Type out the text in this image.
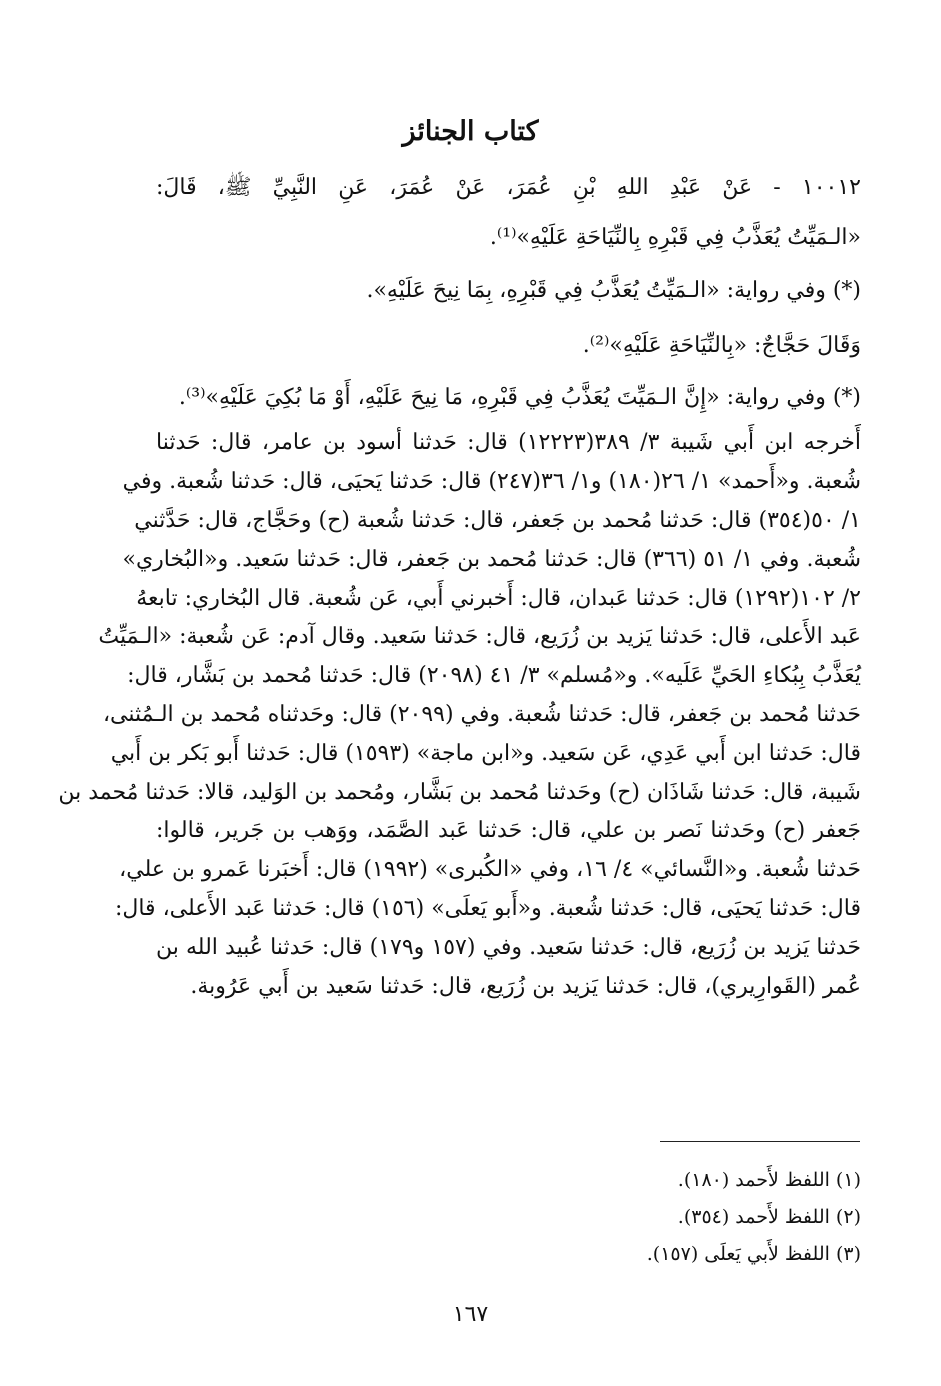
كتاب الجنائز
١٠٠١٢ - عَنْ عَبْدِ اللهِ بْنِ عُمَرَ، عَنْ عُمَرَ، عَنِ النَّبِيِّ ﷺ، قَالَ:
«الـمَيِّتُ يُعَذَّبُ فِي قَبْرِهِ بِالنِّيَاحَةِ عَلَيْهِ»⁽¹⁾.
(*) وفي رواية: «الـمَيِّتُ يُعَذَّبُ فِي قَبْرِهِ، بِمَا نِيحَ عَلَيْهِ».
وَقَالَ حَجَّاجٌ: «بِالنِّيَاحَةِ عَلَيْهِ»⁽²⁾.
(*) وفي رواية: «إِنَّ الـمَيِّتَ يُعَذَّبُ فِي قَبْرِهِ، مَا نِيحَ عَلَيْهِ، أَوْ مَا بُكِيَ عَلَيْهِ»⁽³⁾.
أَخرجه ابن أَبي شَيبة ٣/ ٣٨٩(١٢٢٢٣) قال: حَدثنا أسود بن عامر، قال: حَدثنا
شُعبة. و«أَحمد» ١/ ٢٦(١٨٠) و١/ ٣٦(٢٤٧) قال: حَدثنا يَحيَى، قال: حَدثنا شُعبة. وفي
١/ ٥٠(٣٥٤) قال: حَدثنا مُحمد بن جَعفر، قال: حَدثنا شُعبة (ح) وحَجَّاج، قال: حَدَّثني
شُعبة. وفي ١/ ٥١ (٣٦٦) قال: حَدثنا مُحمد بن جَعفر، قال: حَدثنا سَعيد. و«البُخاري»
٢/ ١٠٢(١٢٩٢) قال: حَدثنا عَبدان، قال: أَخبرني أَبي، عَن شُعبة. قال البُخاري: تابعهُ
عَبد الأَعلى، قال: حَدثنا يَزيد بن زُرَيع، قال: حَدثنا سَعيد. وقال آدم: عَن شُعبة: «الـمَيِّتُ
يُعَذَّبُ بِبُكاءِ الحَيِّ عَلَيه». و«مُسلم» ٣/ ٤١ (٢٠٩٨) قال: حَدثنا مُحمد بن بَشَّار، قال:
حَدثنا مُحمد بن جَعفر، قال: حَدثنا شُعبة. وفي (٢٠٩٩) قال: وحَدثناه مُحمد بن الـمُثنى،
قال: حَدثنا ابن أَبي عَدِي، عَن سَعيد. و«ابن ماجة» (١٥٩٣) قال: حَدثنا أَبو بَكر بن أَبي
شَيبة، قال: حَدثنا شَاذَان (ح) وحَدثنا مُحمد بن بَشَّار، ومُحمد بن الوَليد، قالا: حَدثنا مُحمد بن
جَعفر (ح) وحَدثنا نَصر بن علي، قال: حَدثنا عَبد الصَّمَد، ووَهب بن جَرير، قالوا:
حَدثنا شُعبة. و«النَّسائي» ٤/ ١٦، وفي «الكُبرى» (١٩٩٢) قال: أَخبَرنا عَمرو بن علي،
قال: حَدثنا يَحيَى، قال: حَدثنا شُعبة. و«أَبو يَعلَى» (١٥٦) قال: حَدثنا عَبد الأَعلى، قال:
حَدثنا يَزيد بن زُرَيع، قال: حَدثنا سَعيد. وفي (١٥٧ و١٧٩) قال: حَدثنا عُبيد الله بن
عُمر (القَوارِيري)، قال: حَدثنا يَزيد بن زُرَيع، قال: حَدثنا سَعيد بن أَبي عَرُوبة.
(١) اللفظ لأَحمد (١٨٠).
(٢) اللفظ لأَحمد (٣٥٤).
(٣) اللفظ لأَبي يَعلَى (١٥٧).
١٦٧
